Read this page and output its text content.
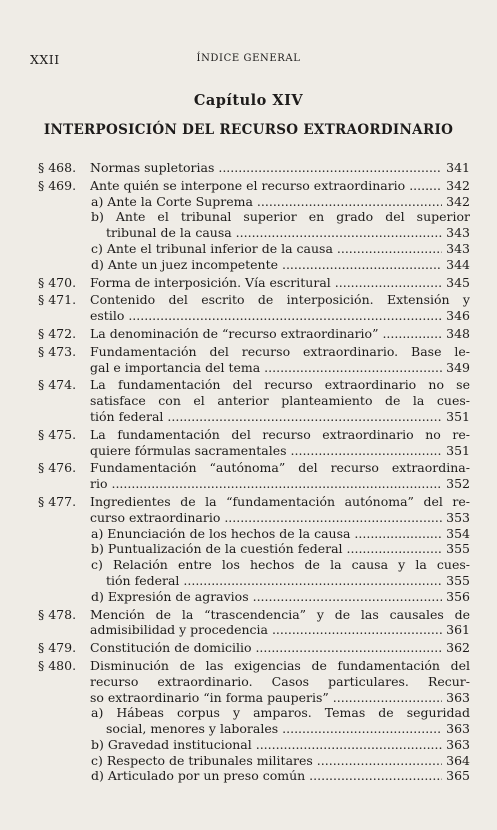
XXII	ÍNDICE GENERAL
Capítulo XIV
INTERPOSICIÓN DEL RECURSO EXTRAORDINARIO
§ 468. Normas supletorias .....	341
§ 469. Ante quién se interpone el recurso extraordinario .....	342
a) Ante la Corte Suprema .....	342
b) Ante el tribunal superior en grado del superior
tribunal de la causa .....	343
c) Ante el tribunal inferior de la causa .....	343
d) Ante un juez incompetente .....	344
§ 470. Forma de interposición. Vía escritural .....	345
§ 471. Contenido del escrito de interposición. Extensión y
estilo .....	346
§ 472. La denominación de “recurso extraordinario” .....	348
§ 473. Fundamentación del recurso extraordinario. Base le-
gal e importancia del tema .....	349
§ 474. La fundamentación del recurso extraordinario no se
satisface con el anterior planteamiento de la cues-
tión federal .....	351
§ 475. La fundamentación del recurso extraordinario no re-
quiere fórmulas sacramentales .....	351
§ 476. Fundamentación “autónoma” del recurso extraordina-
rio .....	352
§ 477. Ingredientes de la “fundamentación autónoma” del re-
curso extraordinario .....	353
a) Enunciación de los hechos de la causa .....	354
b) Puntualización de la cuestión federal .....	355
c) Relación entre los hechos de la causa y la cues-
tión federal .....	355
d) Expresión de agravios .....	356
§ 478. Mención de la “trascendencia” y de las causales de
admisibilidad y procedencia .....	361
§ 479. Constitución de domicilio .....	362
§ 480. Disminución de las exigencias de fundamentación del
recurso extraordinario. Casos particulares. Recur-
so extraordinario “in forma pauperis” .....	363
a) Hábeas corpus y amparos. Temas de seguridad
social, menores y laborales .....	363
b) Gravedad institucional .....	363
c) Respecto de tribunales militares .....	364
d) Articulado por un preso común .....	365
